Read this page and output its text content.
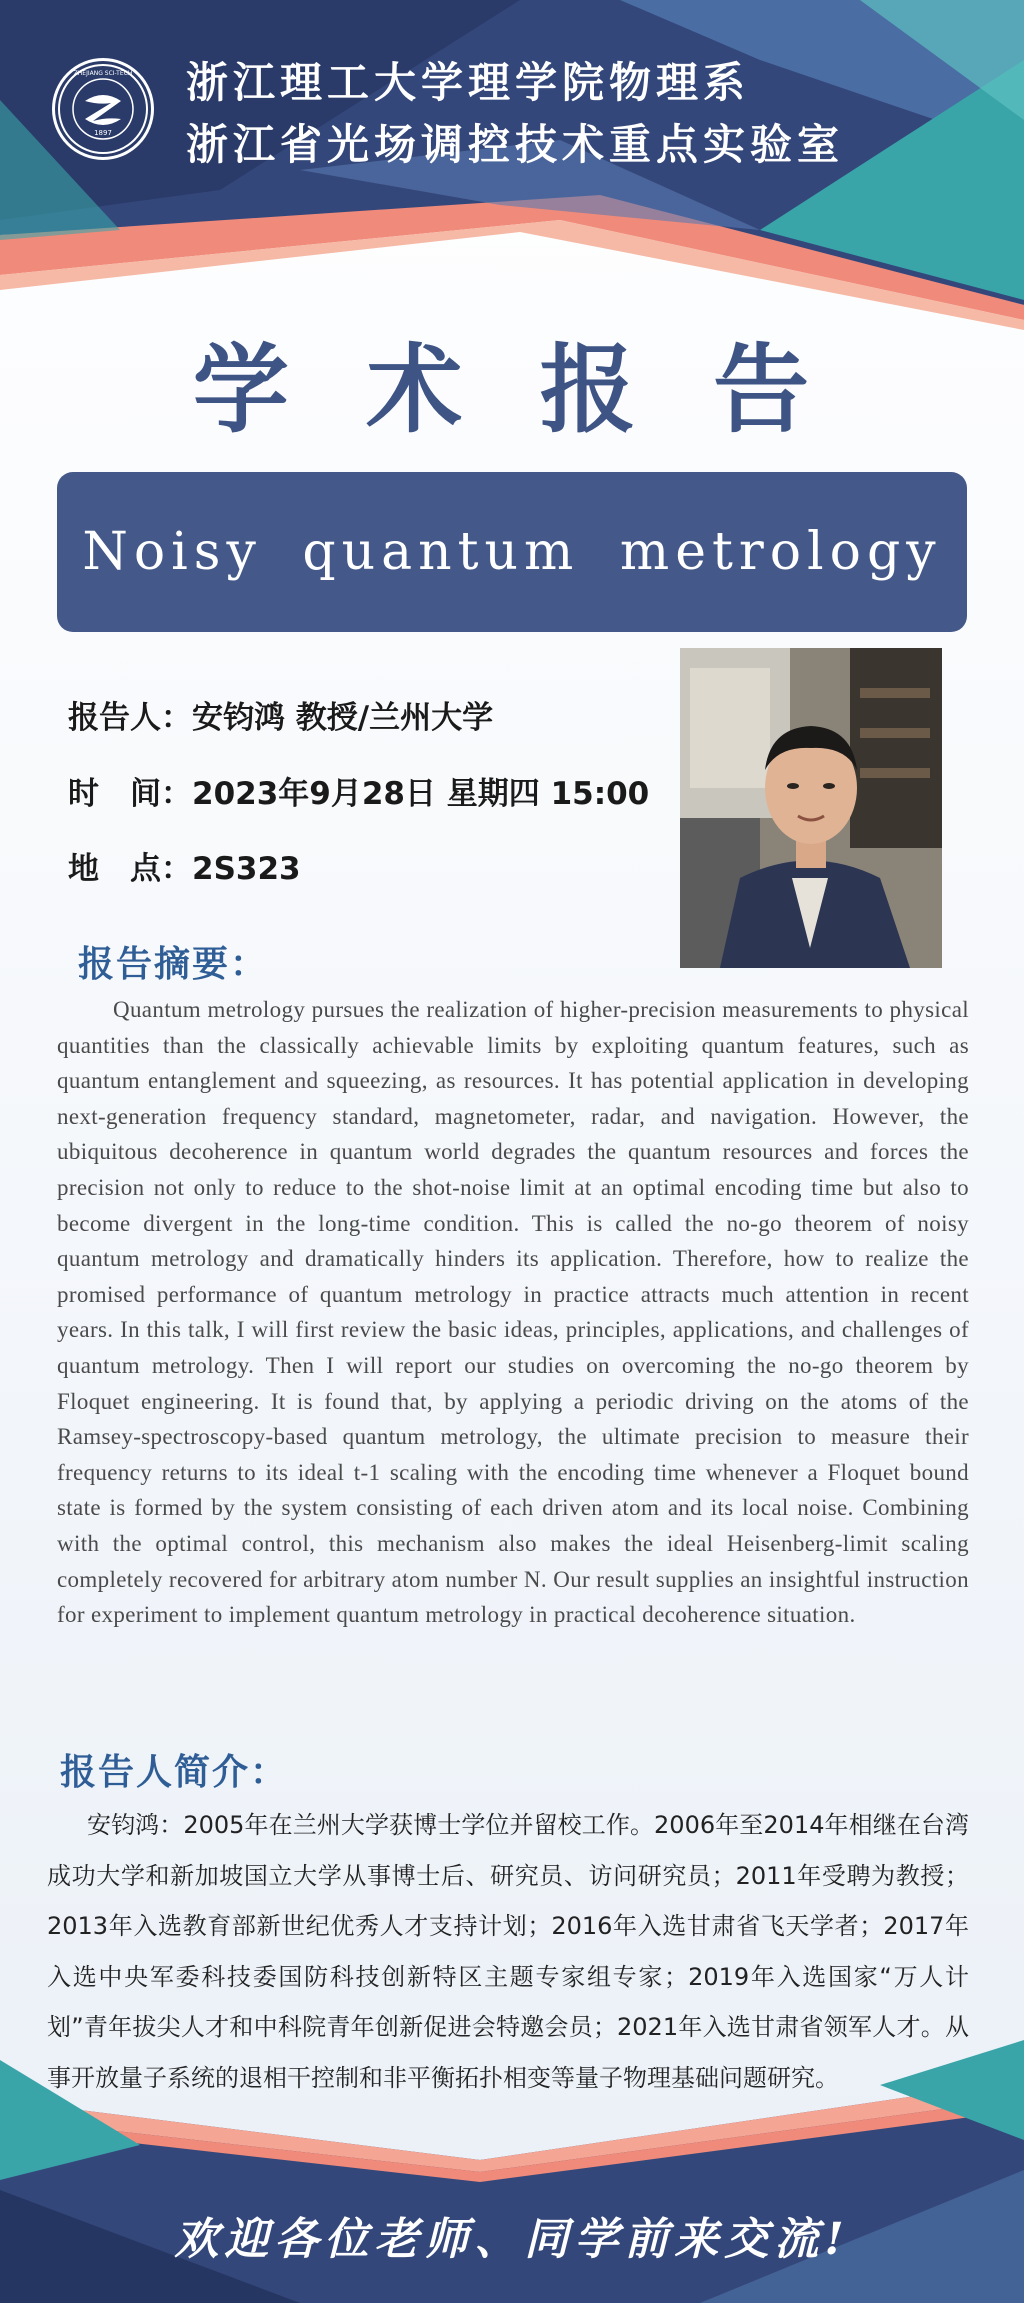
ZHEJIANG SCI-TECH
1897
浙江理工大学理学院物理系
浙江省光场调控技术重点实验室
学 术 报 告
Noisy quantum metrology
报告人：安钧鸿 教授/兰州大学
时　间：2023年9月28日 星期四 15:00
地　点：2S323
报告摘要：

Quantum metrology pursues the realization of higher-precision measurements to physical quantities than the classically achievable limits by exploiting quantum features, such as quantum entanglement and squeezing, as resources. It has potential application in developing next-generation frequency standard, magnetometer, radar, and navigation. However, the ubiquitous decoherence in quantum world degrades the quantum resources and forces the precision not only to reduce to the shot-noise limit at an optimal encoding time but also to become divergent in the long-time condition. This is called the no-go theorem of noisy quantum metrology and dramatically hinders its application. Therefore, how to realize the promised performance of quantum metrology in practice attracts much attention in recent years. In this talk, I will first review the basic ideas, principles, applications, and challenges of quantum metrology. Then I will report our studies on overcoming the no-go theorem by Floquet engineering. It is found that, by applying a periodic driving on the atoms of the Ramsey-spectroscopy-based quantum metrology, the ultimate precision to measure their frequency returns to its ideal t-1 scaling with the encoding time whenever a Floquet bound state is formed by the system consisting of each driven atom and its local noise. Combining with the optimal control, this mechanism also makes the ideal Heisenberg-limit scaling completely recovered for arbitrary atom number N. Our result supplies an insightful instruction for experiment to implement quantum metrology in practical decoherence situation.

报告人简介：

安钧鸿：2005年在兰州大学获博士学位并留校工作。2006年至2014年相继在台湾成功大学和新加坡国立大学从事博士后、研究员、访问研究员；2011年受聘为教授；2013年入选教育部新世纪优秀人才支持计划；2016年入选甘肃省飞天学者；2017年入选中央军委科技委国防科技创新特区主题专家组专家；2019年入选国家“万人计划”青年拔尖人才和中科院青年创新促进会特邀会员；2021年入选甘肃省领军人才。从事开放量子系统的退相干控制和非平衡拓扑相变等量子物理基础问题研究。

欢迎各位老师、同学前来交流!
